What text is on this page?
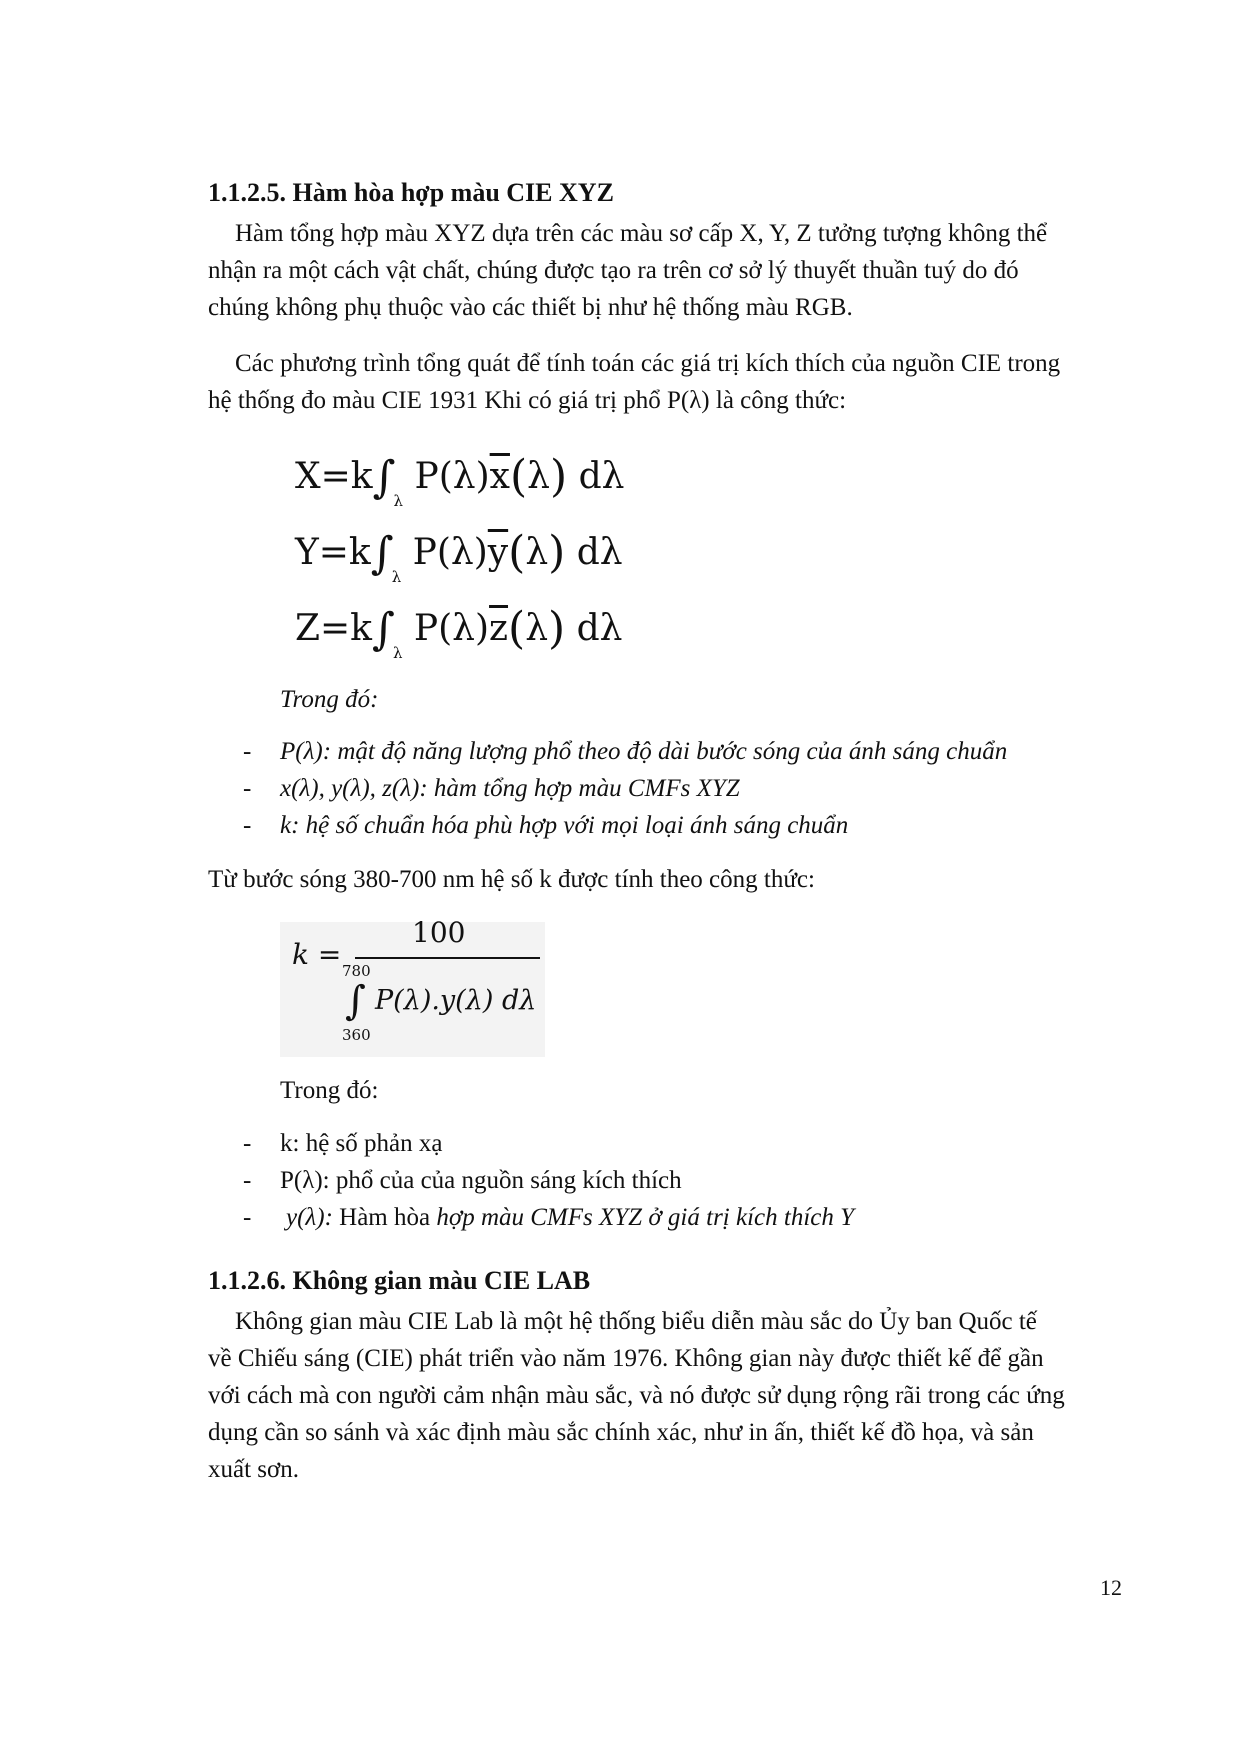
1.1.2.5. Hàm hòa hợp màu CIE XYZ
Hàm tổng hợp màu XYZ dựa trên các màu sơ cấp X, Y, Z tưởng tượng không thể
nhận ra một cách vật chất, chúng được tạo ra trên cơ sở lý thuyết thuần tuý do đó
chúng không phụ thuộc vào các thiết bị như hệ thống màu RGB.
Các phương trình tổng quát để tính toán các giá trị kích thích của nguồn CIE trong
hệ thống đo màu CIE 1931 Khi có giá trị phổ P(λ) là công thức:
$X=k\int_\lambda$ $P(\lambda)\overline{x}(\lambda)$ dλ
$Y=k\int_\lambda$ $P(\lambda)\overline{y}(\lambda)$ dλ
$Z=k\int_\lambda$ $P(\lambda)\overline{z}(\lambda)$ dλ
Trong đó:
- P(λ): mật độ năng lượng phổ theo độ dài bước sóng của ánh sáng chuẩn
- x(λ), y(λ), z(λ): hàm tổng hợp màu CMFs XYZ
- k: hệ số chuẩn hóa phù hợp với mọi loại ánh sáng chuẩn
Từ bước sóng 380-700 nm hệ số k được tính theo công thức:
k =
100
780
∫ P(λ).y(λ) dλ
360
Trong đó:
- k: hệ số phản xạ
- P(λ): phổ của của nguồn sáng kích thích
- y(λ): Hàm hòa hợp màu CMFs XYZ ở giá trị kích thích Y
1.1.2.6. Không gian màu CIE LAB
Không gian màu CIE Lab là một hệ thống biểu diễn màu sắc do Ủy ban Quốc tế
về Chiếu sáng (CIE) phát triển vào năm 1976. Không gian này được thiết kế để gần
với cách mà con người cảm nhận màu sắc, và nó được sử dụng rộng rãi trong các ứng
dụng cần so sánh và xác định màu sắc chính xác, như in ấn, thiết kế đồ họa, và sản
xuất sơn.
12
